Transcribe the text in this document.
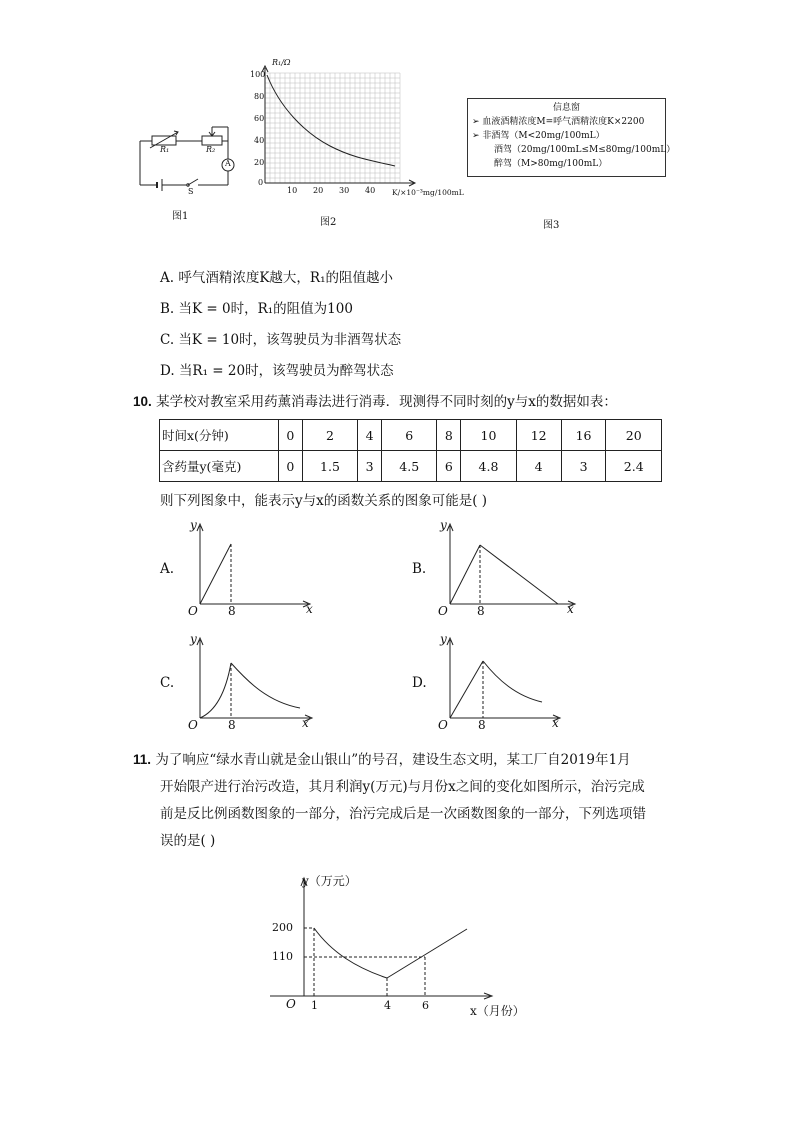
R₁	R₂
A
S
图1
R₁/Ω
100
80
60
40
20
0
10 20 30 40 K/×10⁻³mg/100mL
图2
信息窗
➢ 血液酒精浓度M=呼气酒精浓度K×2200
➢ 非酒驾（M<20mg/100mL）
酒驾（20mg/100mL≤M≤80mg/100mL）
醉驾（M>80mg/100mL）
图3
A. 呼气酒精浓度K越大，R₁的阻值越小
B. 当K = 0时，R₁的阻值为100
C. 当K = 10时，该驾驶员为非酒驾状态
D. 当R₁ = 20时，该驾驶员为醉驾状态
10. 某学校对教室采用药薰消毒法进行消毒．现测得不同时刻的y与x的数据如表：
时间x(分钟)	0	2	4	6	8	10	12	16	20
含药量y(毫克)	0	1.5	3	4.5	6	4.8	4	3	2.4
则下列图象中，能表示y与x的函数关系的图象可能是( )
A.
y
x
O	8
B.
y
x
O 8
C.
y
x
O	8
D.
y
x
O	8
11. 为了响应“绿水青山就是金山银山”的号召，建设生态文明，某工厂自2019年1月
开始限产进行治污改造，其月利润y(万元)与月份x之间的变化如图所示，治污完成
前是反比例函数图象的一部分，治污完成后是一次函数图象的一部分，下列选项错
误的是( )
y（万元）
200
110
O 1	4	6	x（月份）
